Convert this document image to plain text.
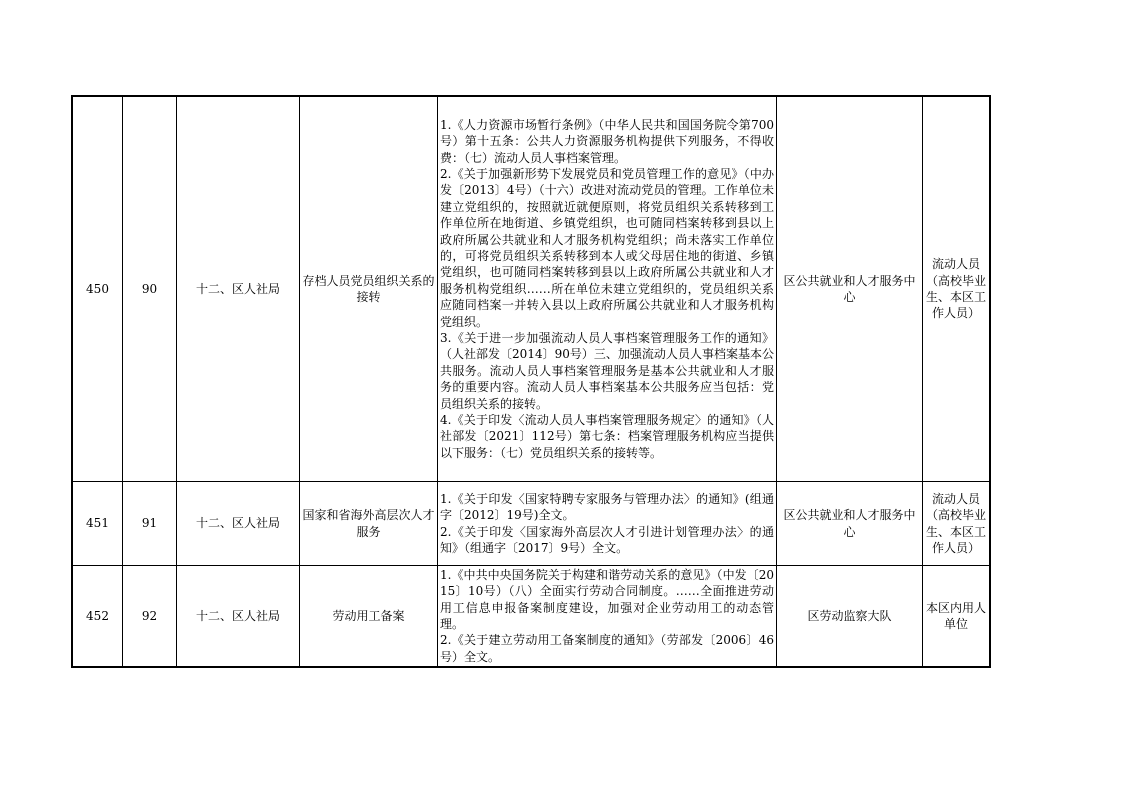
450	90	十二、区人社局	存档人员党员组织关系的接转	1.《人力资源市场暂行条例》（中华人民共和国国务院令第700号）第十五条：公共人力资源服务机构提供下列服务，不得收费：（七）流动人员人事档案管理。
2.《关于加强新形势下发展党员和党员管理工作的意见》（中办发〔2013〕4号）（十六）改进对流动党员的管理。工作单位未建立党组织的，按照就近就便原则，将党员组织关系转移到工作单位所在地街道、乡镇党组织，也可随同档案转移到县以上政府所属公共就业和人才服务机构党组织；尚未落实工作单位的，可将党员组织关系转移到本人或父母居住地的街道、乡镇党组织，也可随同档案转移到县以上政府所属公共就业和人才服务机构党组织……所在单位未建立党组织的，党员组织关系应随同档案一并转入县以上政府所属公共就业和人才服务机构党组织。
3.《关于进一步加强流动人员人事档案管理服务工作的通知》（人社部发〔2014〕90号）三、加强流动人员人事档案基本公共服务。流动人员人事档案管理服务是基本公共就业和人才服务的重要内容。流动人员人事档案基本公共服务应当包括：党员组织关系的接转。
4.《关于印发〈流动人员人事档案管理服务规定〉的通知》（人社部发〔2021〕112号）第七条：档案管理服务机构应当提供以下服务：（七）党员组织关系的接转等。	区公共就业和人才服务中心	流动人员（高校毕业生、本区工作人员）
451	91	十二、区人社局	国家和省海外高层次人才服务	1.《关于印发〈国家特聘专家服务与管理办法〉的通知》(组通字〔2012〕19号)全文。
2.《关于印发〈国家海外高层次人才引进计划管理办法〉的通知》（组通字〔2017〕9号）全文。	区公共就业和人才服务中心	流动人员（高校毕业生、本区工作人员）
452	92	十二、区人社局	劳动用工备案	1.《中共中央国务院关于构建和谐劳动关系的意见》（中发〔2015〕10号）（八）全面实行劳动合同制度。……全面推进劳动用工信息申报备案制度建设，加强对企业劳动用工的动态管理。
2.《关于建立劳动用工备案制度的通知》（劳部发〔2006〕46号）全文。	区劳动监察大队	本区内用人单位
